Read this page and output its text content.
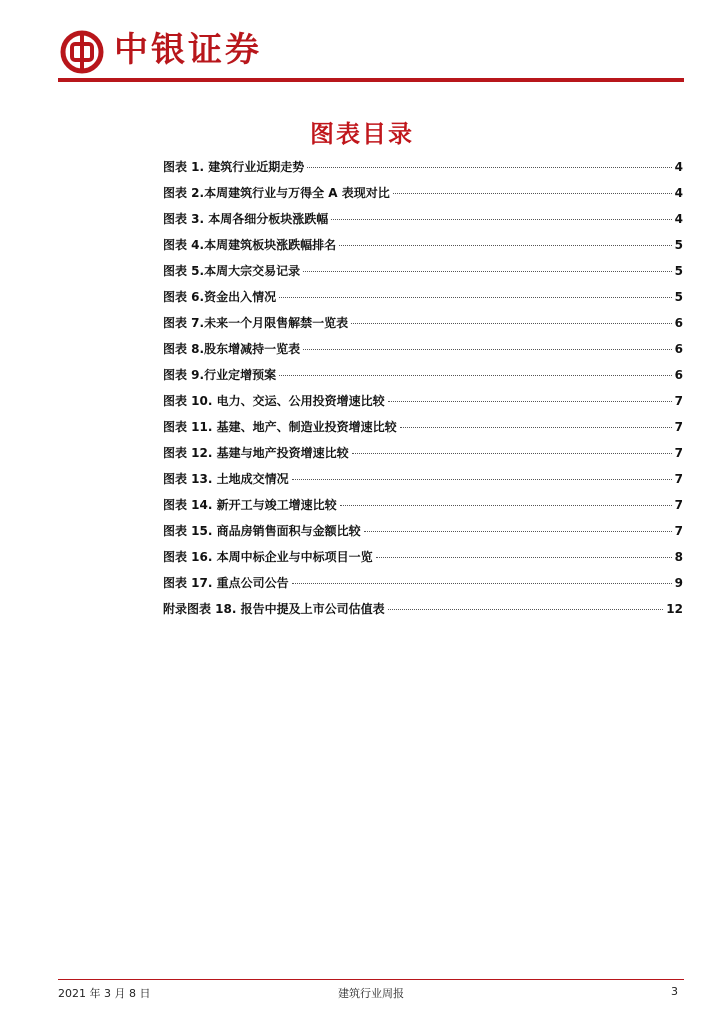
中银证券
图表目录
图表 1. 建筑行业近期走势	4
图表 2.本周建筑行业与万得全 A 表现对比	4
图表 3. 本周各细分板块涨跌幅	4
图表 4.本周建筑板块涨跌幅排名	5
图表 5.本周大宗交易记录	5
图表 6.资金出入情况	5
图表 7.未来一个月限售解禁一览表	6
图表 8.股东增减持一览表	6
图表 9.行业定增预案	6
图表 10. 电力、交运、公用投资增速比较	7
图表 11. 基建、地产、制造业投资增速比较	7
图表 12. 基建与地产投资增速比较	7
图表 13. 土地成交情况	7
图表 14. 新开工与竣工增速比较	7
图表 15. 商品房销售面积与金额比较	7
图表 16. 本周中标企业与中标项目一览	8
图表 17. 重点公司公告	9
附录图表 18. 报告中提及上市公司估值表	12
2021 年 3 月 8 日	建筑行业周报	3
